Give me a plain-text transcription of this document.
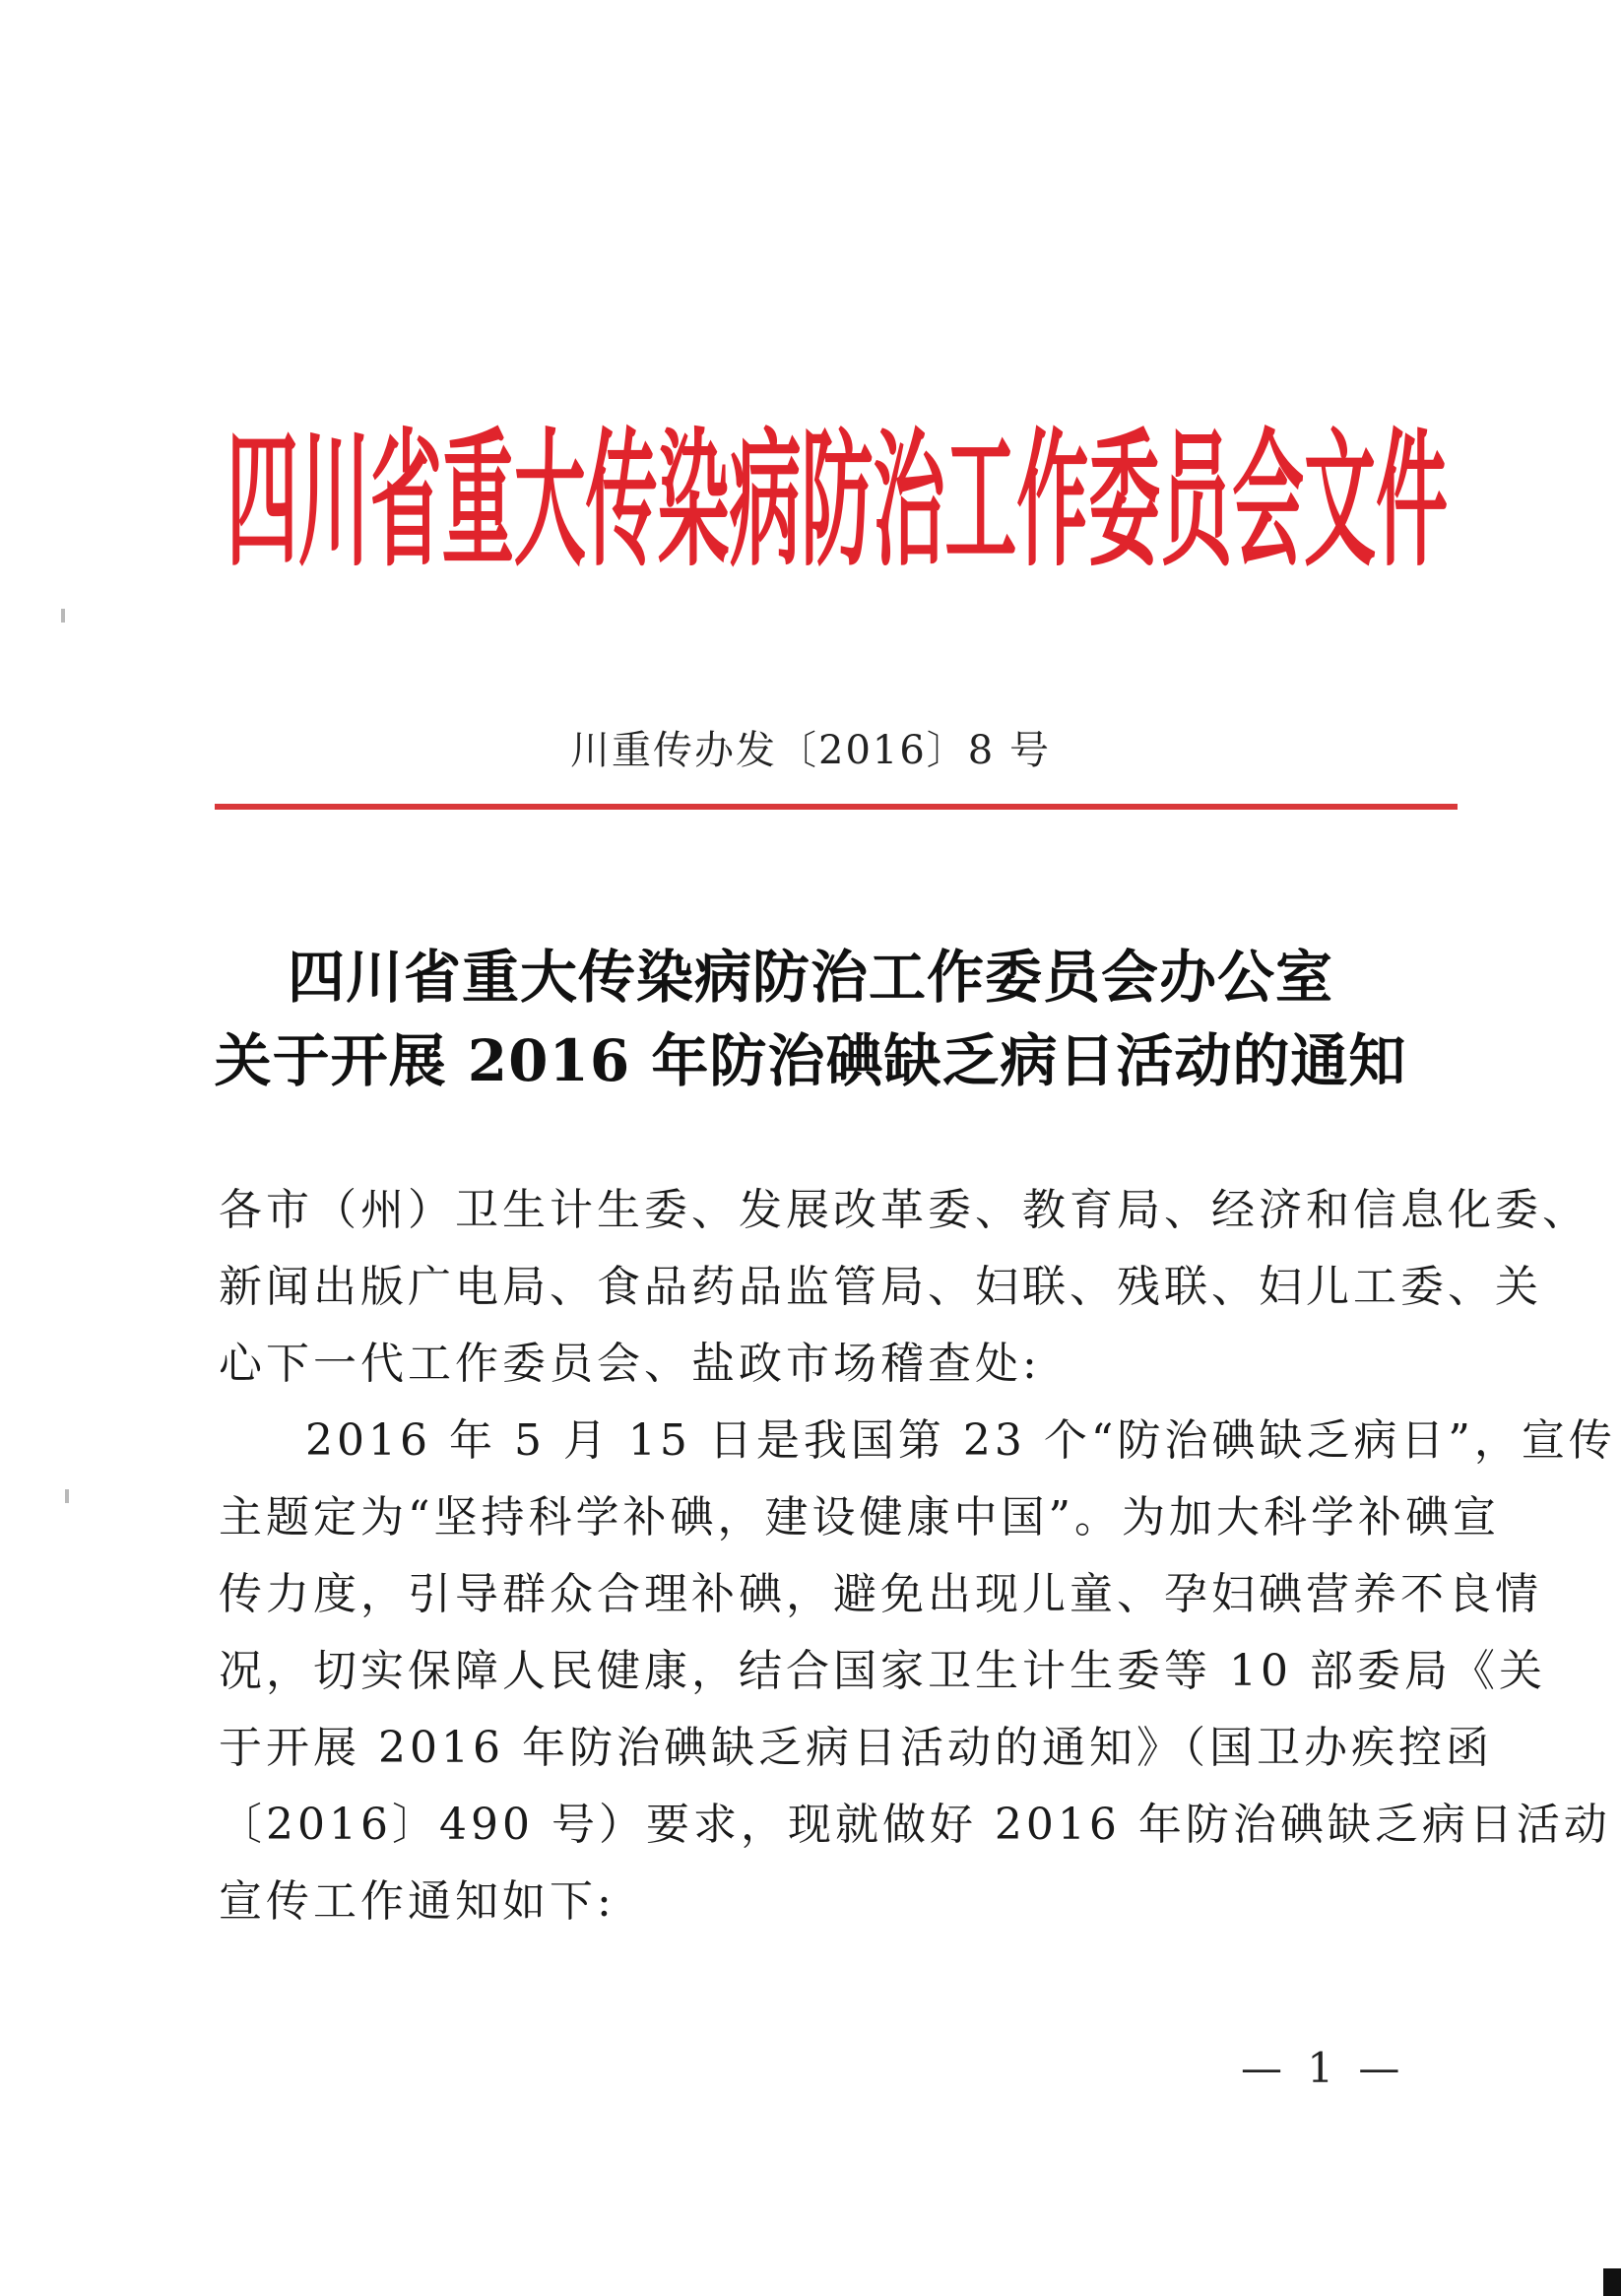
四川省重大传染病防治工作委员会文件
川重传办发〔2016〕8 号
四川省重大传染病防治工作委员会办公室
关于开展 2016 年防治碘缺乏病日活动的通知
各市（州）卫生计生委、发展改革委、教育局、经济和信息化委、
新闻出版广电局、食品药品监管局、妇联、残联、妇儿工委、关
心下一代工作委员会、盐政市场稽查处:
2016 年 5 月 15 日是我国第 23 个“防治碘缺乏病日”，宣传
主题定为“坚持科学补碘，建设健康中国”。为加大科学补碘宣
传力度，引导群众合理补碘，避免出现儿童、孕妇碘营养不良情
况，切实保障人民健康，结合国家卫生计生委等 10 部委局《关
于开展 2016 年防治碘缺乏病日活动的通知》（国卫办疾控函
〔2016〕490 号）要求，现就做好 2016 年防治碘缺乏病日活动
宣传工作通知如下:
— 1 —
